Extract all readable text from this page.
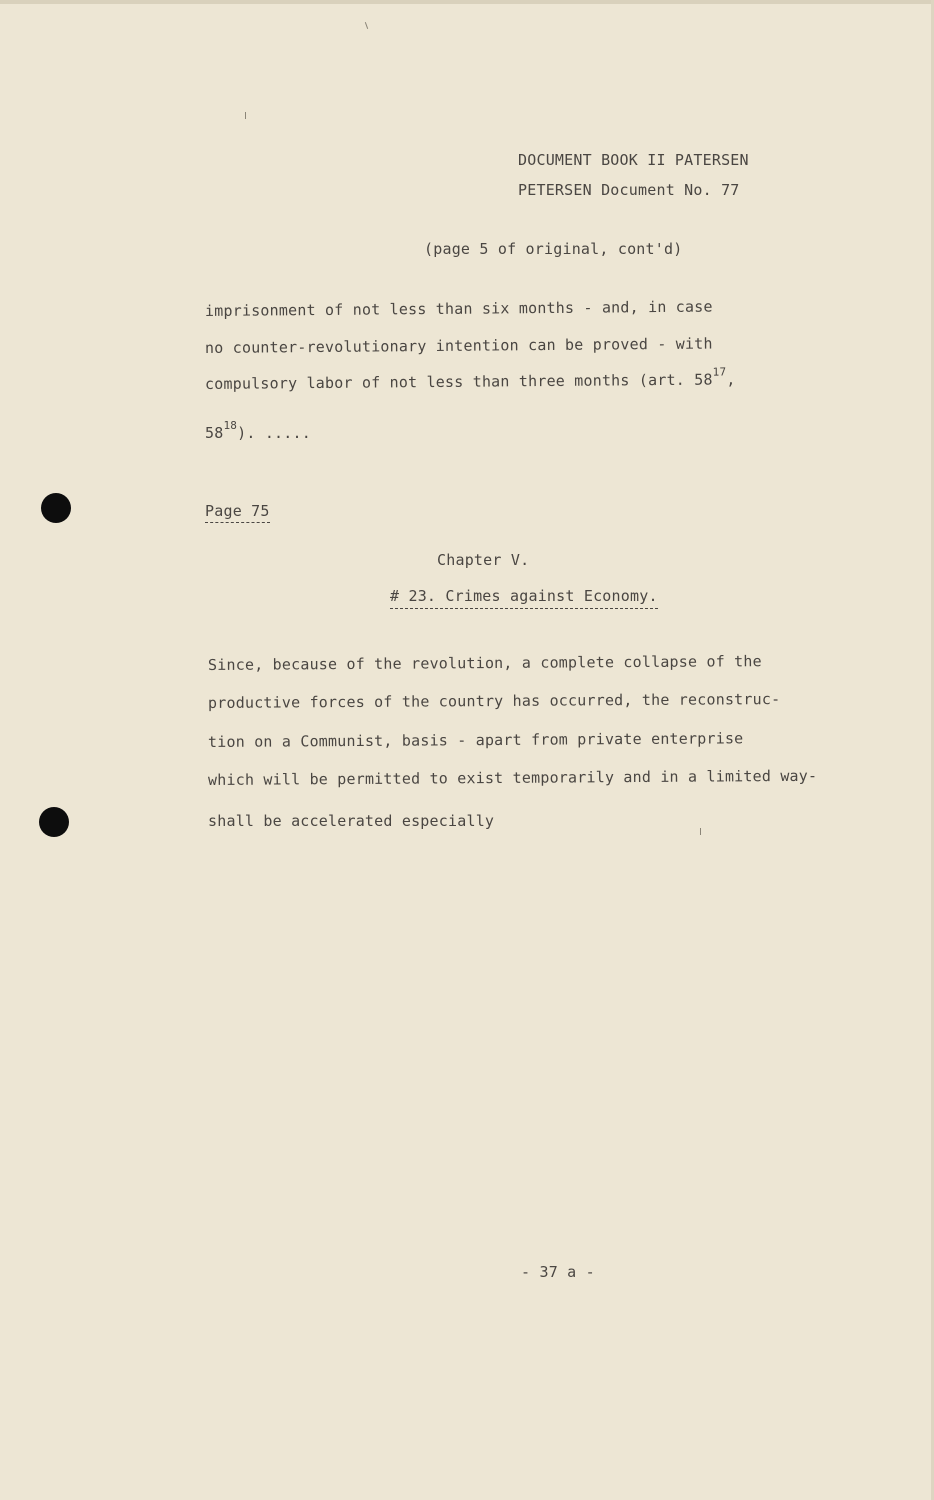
DOCUMENT BOOK II PATERSEN
PETERSEN Document No. 77
(page 5 of original, cont'd)
imprisonment of not less than six months - and, in case
no counter-revolutionary intention can be proved - with
compulsory labor of not less than three months (art. $58^{17}$,
$58^{18}$). .....
Page 75
Chapter V.
# 23. Crimes against Economy.
Since, because of the revolution, a complete collapse of the
productive forces of the country has occurred, the reconstruc-
tion on a Communist, basis - apart from private enterprise
which will be permitted to exist temporarily and in a limited way-
shall be accelerated especially
- 37 a -
